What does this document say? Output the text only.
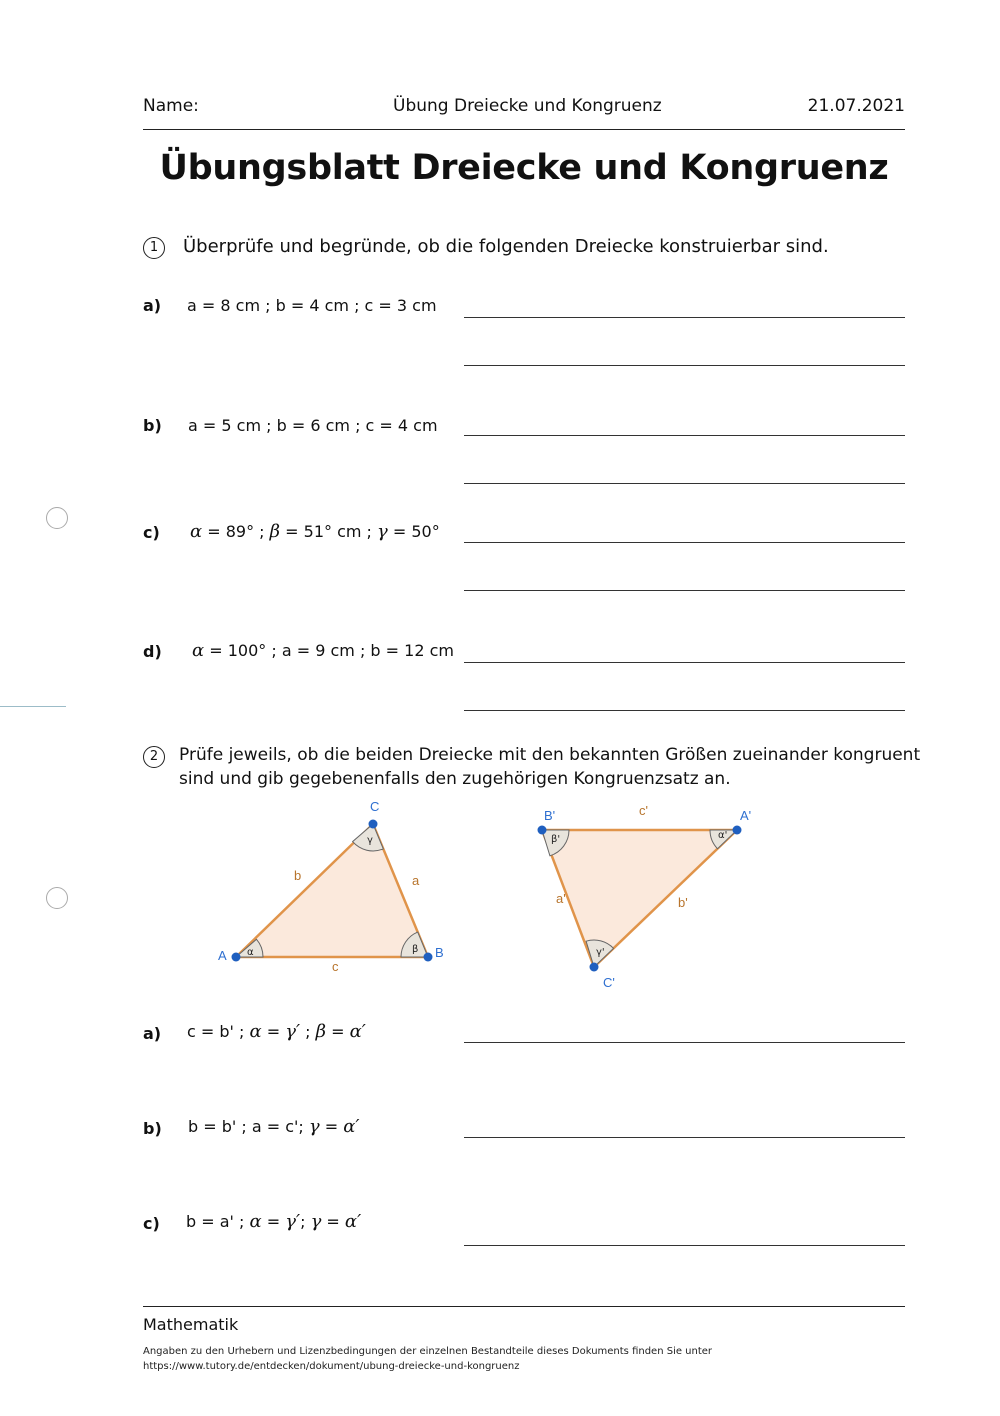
Name:	Übung Dreiecke und Kongruenz	21.07.2021
Übungsblatt Dreiecke und Kongruenz
1	Überprüfe und begründe, ob die folgenden Dreiecke konstruierbar sind.
a) a = 8 cm ; b = 4 cm ; c = 3 cm
b) a = 5 cm ; b = 6 cm ; c = 4 cm
c) α = 89° ; β = 51° cm ; γ = 50°
d) α = 100° ; a = 9 cm ; b = 12 cm
2	Prüfe jeweils, ob die beiden Dreiecke mit den bekannten Größen zueinander kongruent
sind und gib gegebenenfalls den zugehörigen Kongruenzsatz an.
A	B
C
a
b
c
α	β
γ
B'	A'
C'
c'
a'	b'
β'	α'
γ'
a) c = b' ; α = γ′ ; β = α′
b) b = b' ; a = c'; γ = α′
c) b = a' ; α = γ′; γ = α′
Mathematik
Angaben zu den Urhebern und Lizenzbedingungen der einzelnen Bestandteile dieses Dokuments finden Sie unter
https://www.tutory.de/entdecken/dokument/ubung-dreiecke-und-kongruenz
